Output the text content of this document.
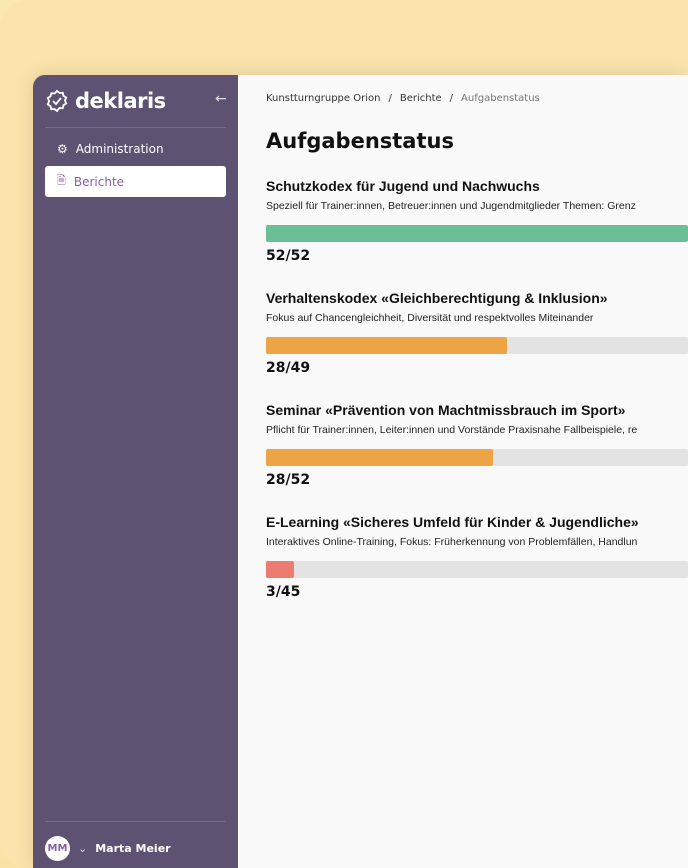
deklaris	←
⚙ Administration
🗎 Berichte
MM ⌄ Marta Meier
Kunstturngruppe Orion / Berichte / Aufgabenstatus
Aufgabenstatus
Schutzkodex für Jugend und Nachwuchs

Speziell für Trainer:innen, Betreuer:innen und Jugendmitglieder Themen: Grenz

52/52
Verhaltenskodex «Gleichberechtigung & Inklusion»

Fokus auf Chancengleichheit, Diversität und respektvolles Miteinander

28/49
Seminar «Prävention von Machtmissbrauch im Sport»

Pflicht für Trainer:innen, Leiter:innen und Vorstände Praxisnahe Fallbeispiele, re

28/52
E-Learning «Sicheres Umfeld für Kinder & Jugendliche»

Interaktives Online-Training, Fokus: Früherkennung von Problemfällen, Handlun

3/45
